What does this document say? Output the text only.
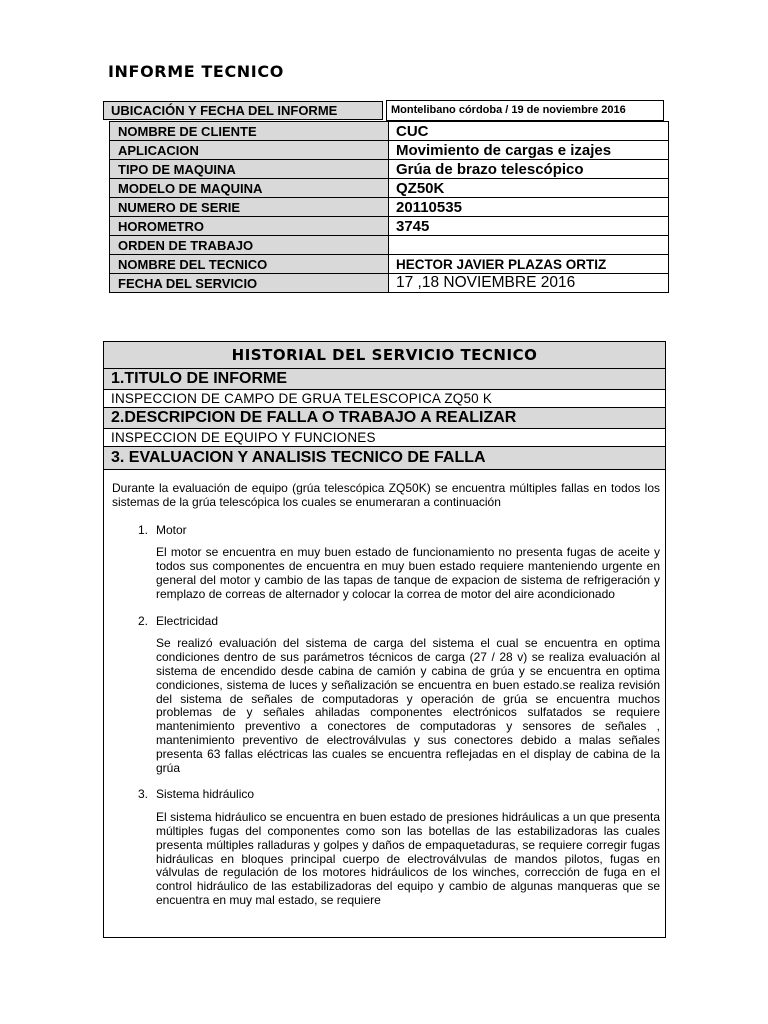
INFORME TECNICO
UBICACIÓN Y FECHA DEL INFORME	Montelibano córdoba / 19 de noviembre 2016
NOMBRE DE CLIENTE	CUC
APLICACION	Movimiento de cargas e izajes
TIPO DE MAQUINA	Grúa de brazo telescópico
MODELO DE MAQUINA	QZ50K
NUMERO DE SERIE	20110535
HOROMETRO	3745
ORDEN DE TRABAJO	
NOMBRE DEL TECNICO	HECTOR JAVIER PLAZAS ORTIZ
FECHA DEL SERVICIO	17 ,18 NOVIEMBRE 2016
HISTORIAL DEL SERVICIO TECNICO
1.TITULO DE INFORME
INSPECCION DE CAMPO DE GRUA TELESCOPICA ZQ50 K
2.DESCRIPCION DE FALLA O TRABAJO A REALIZAR
INSPECCION DE EQUIPO Y FUNCIONES
3. EVALUACION Y ANALISIS TECNICO DE FALLA

Durante la evaluación de equipo (grúa telescópica ZQ50K) se encuentra múltiples fallas en todos los sistemas de la grúa telescópica los cuales se enumeraran a continuación

1. Motor
El motor se encuentra en muy buen estado de funcionamiento no presenta fugas de aceite y todos sus componentes de encuentra en muy buen estado requiere manteniendo urgente en general del motor y cambio de las tapas de tanque de expacion de sistema de refrigeración y remplazo de correas de alternador y colocar la correa de motor del aire acondicionado
2. Electricidad
Se realizó evaluación del sistema de carga del sistema el cual se encuentra en optima condiciones dentro de sus parámetros técnicos de carga (27 / 28 v) se realiza evaluación al sistema de encendido desde cabina de camión y cabina de grúa y se encuentra en optima condiciones, sistema de luces y señalización se encuentra en buen estado.se realiza revisión del sistema de señales de computadoras y operación de grúa se encuentra muchos problemas de y señales ahiladas componentes electrónicos sulfatados se requiere mantenimiento preventivo a conectores de computadoras y sensores de señales , mantenimiento preventivo de electroválvulas y sus conectores debido a malas señales presenta 63 fallas eléctricas las cuales se encuentra reflejadas en el display de cabina de la grúa
3. Sistema hidráulico
El sistema hidráulico se encuentra en buen estado de presiones hidráulicas a un que presenta múltiples fugas del componentes como son las botellas de las estabilizadoras las cuales presenta múltiples ralladuras y golpes y daños de empaquetaduras, se requiere corregir fugas hidráulicas en bloques principal cuerpo de electroválvulas de mandos pilotos, fugas en válvulas de regulación de los motores hidráulicos de los winches, corrección de fuga en el control hidráulico de las estabilizadoras del equipo y cambio de algunas manqueras que se encuentra en muy mal estado, se requiere
